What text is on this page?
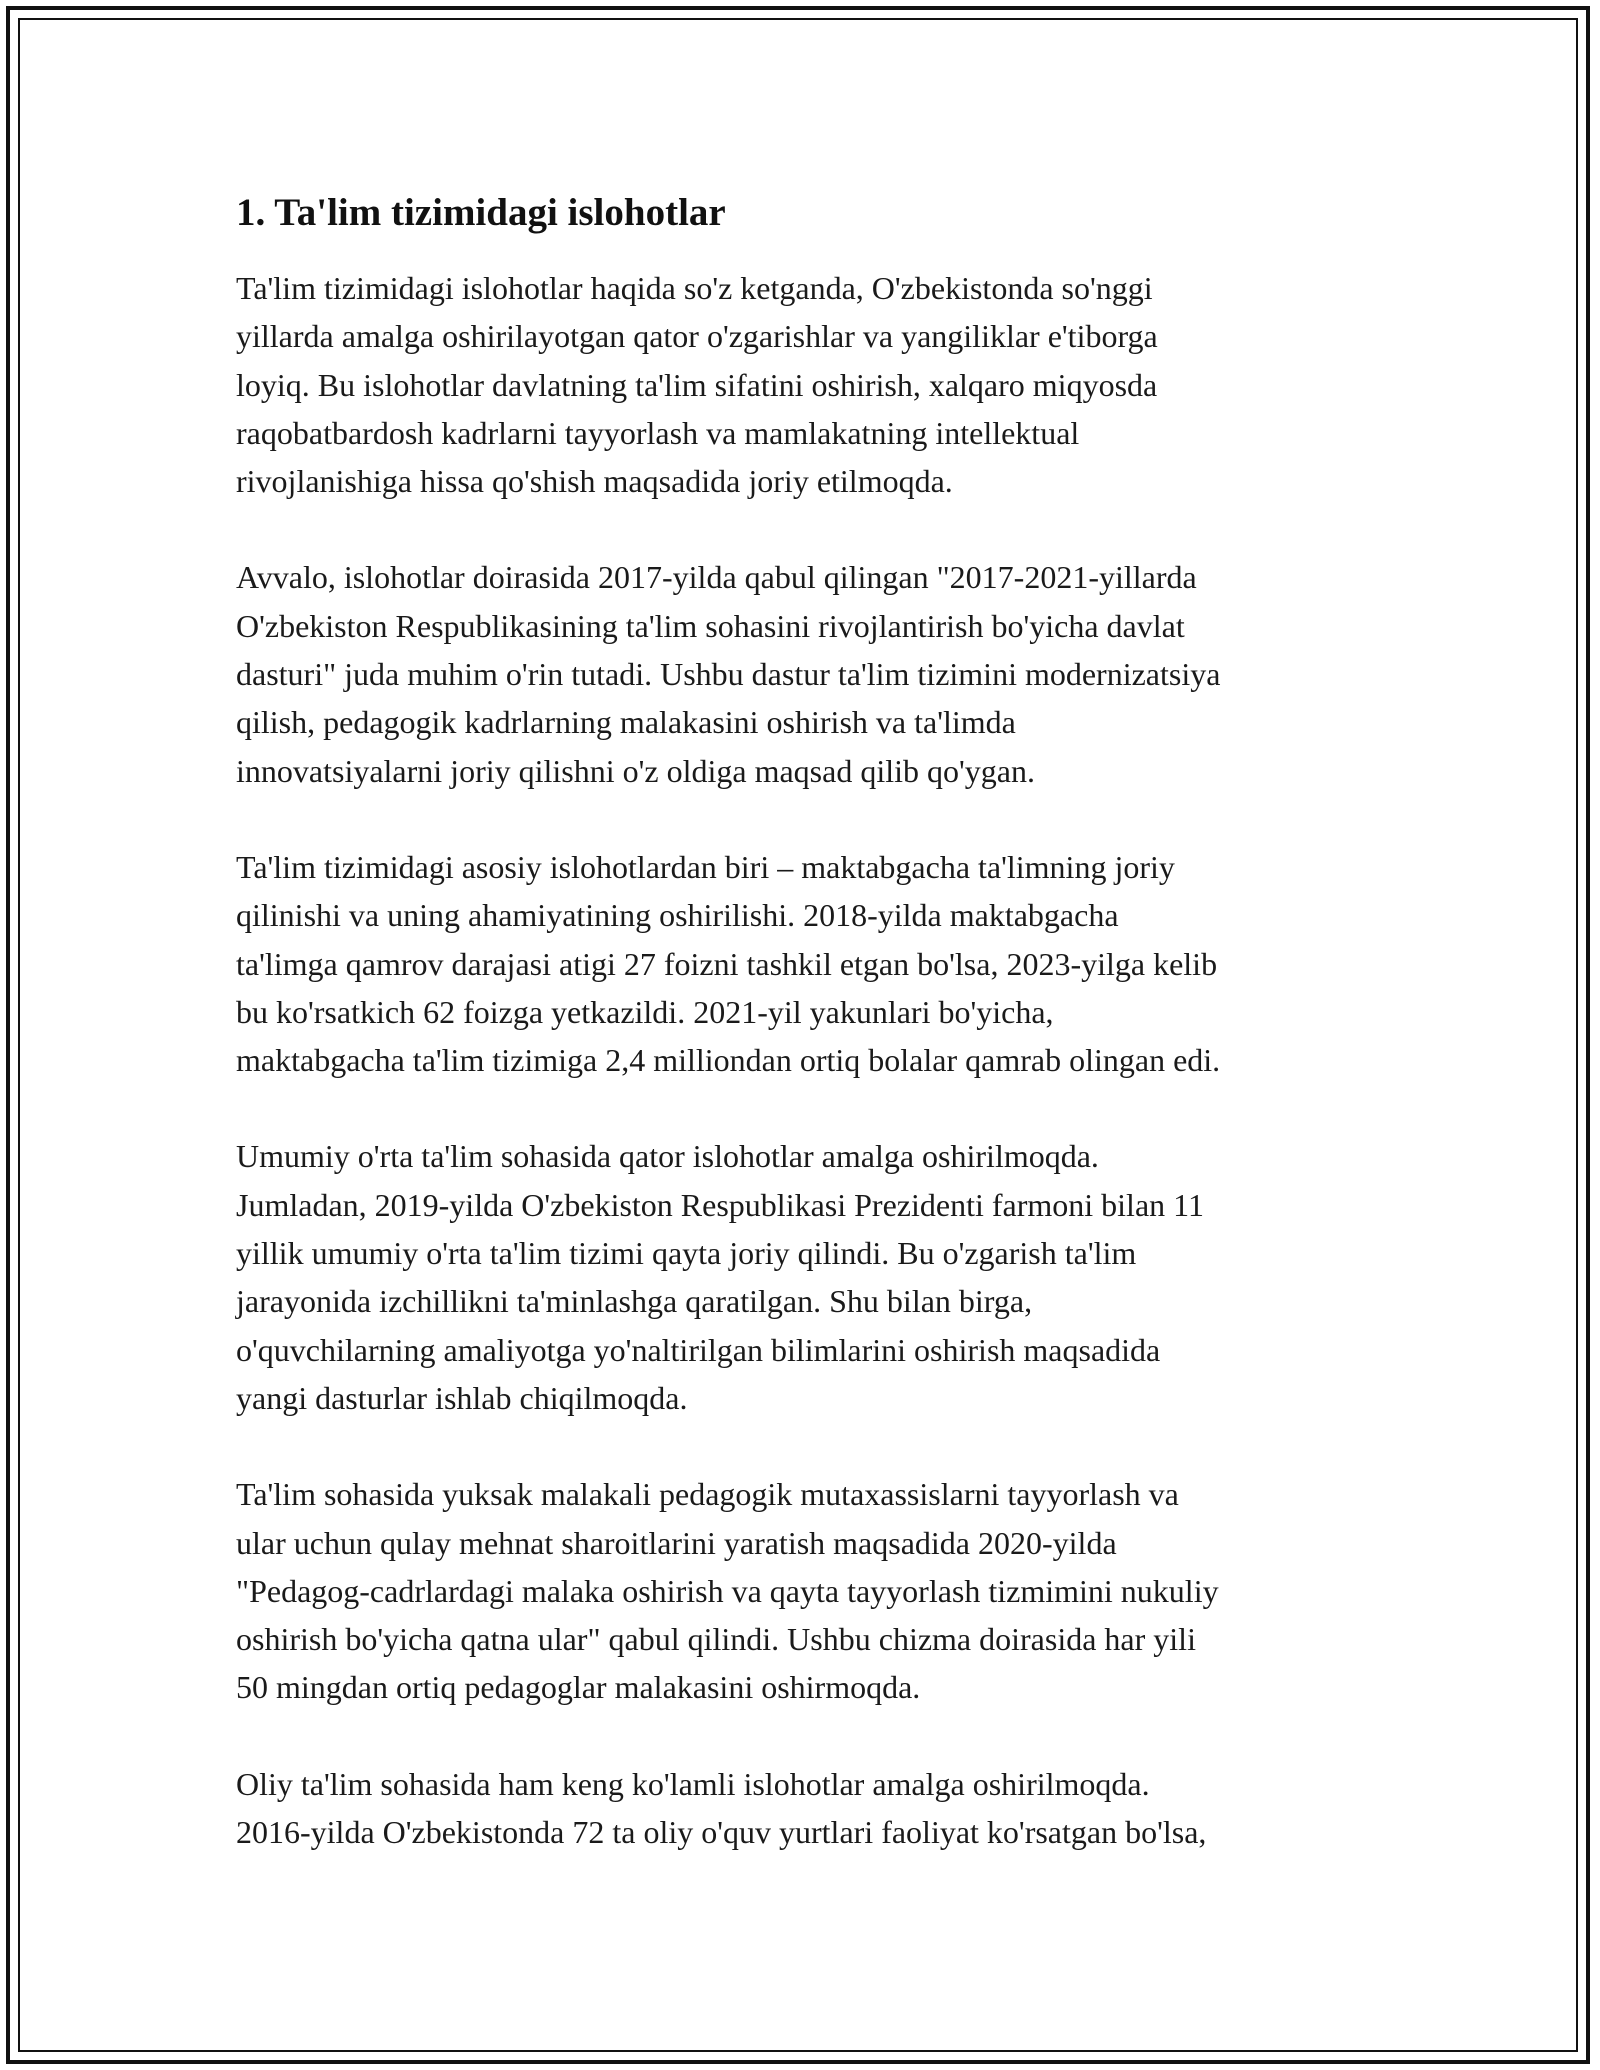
1. Ta'lim tizimidagi islohotlar

Ta'lim tizimidagi islohotlar haqida so'z ketganda, O'zbekistonda so'nggi
yillarda amalga oshirilayotgan qator o'zgarishlar va yangiliklar e'tiborga
loyiq. Bu islohotlar davlatning ta'lim sifatini oshirish, xalqaro miqyosda
raqobatbardosh kadrlarni tayyorlash va mamlakatning intellektual
rivojlanishiga hissa qo'shish maqsadida joriy etilmoqda.

Avvalo, islohotlar doirasida 2017-yilda qabul qilingan "2017-2021-yillarda
O'zbekiston Respublikasining ta'lim sohasini rivojlantirish bo'yicha davlat
dasturi" juda muhim o'rin tutadi. Ushbu dastur ta'lim tizimini modernizatsiya
qilish, pedagogik kadrlarning malakasini oshirish va ta'limda
innovatsiyalarni joriy qilishni o'z oldiga maqsad qilib qo'ygan.

Ta'lim tizimidagi asosiy islohotlardan biri – maktabgacha ta'limning joriy
qilinishi va uning ahamiyatining oshirilishi. 2018-yilda maktabgacha
ta'limga qamrov darajasi atigi 27 foizni tashkil etgan bo'lsa, 2023-yilga kelib
bu ko'rsatkich 62 foizga yetkazildi. 2021-yil yakunlari bo'yicha,
maktabgacha ta'lim tizimiga 2,4 milliondan ortiq bolalar qamrab olingan edi.

Umumiy o'rta ta'lim sohasida qator islohotlar amalga oshirilmoqda.
Jumladan, 2019-yilda O'zbekiston Respublikasi Prezidenti farmoni bilan 11
yillik umumiy o'rta ta'lim tizimi qayta joriy qilindi. Bu o'zgarish ta'lim
jarayonida izchillikni ta'minlashga qaratilgan. Shu bilan birga,
o'quvchilarning amaliyotga yo'naltirilgan bilimlarini oshirish maqsadida
yangi dasturlar ishlab chiqilmoqda.

Ta'lim sohasida yuksak malakali pedagogik mutaxassislarni tayyorlash va
ular uchun qulay mehnat sharoitlarini yaratish maqsadida 2020-yilda
"Pedagog-cadrlardagi malaka oshirish va qayta tayyorlash tizmimini nukuliy
oshirish bo'yicha qatna ular" qabul qilindi. Ushbu chizma doirasida har yili
50 mingdan ortiq pedagoglar malakasini oshirmoqda.

Oliy ta'lim sohasida ham keng ko'lamli islohotlar amalga oshirilmoqda.
2016-yilda O'zbekistonda 72 ta oliy o'quv yurtlari faoliyat ko'rsatgan bo'lsa,
